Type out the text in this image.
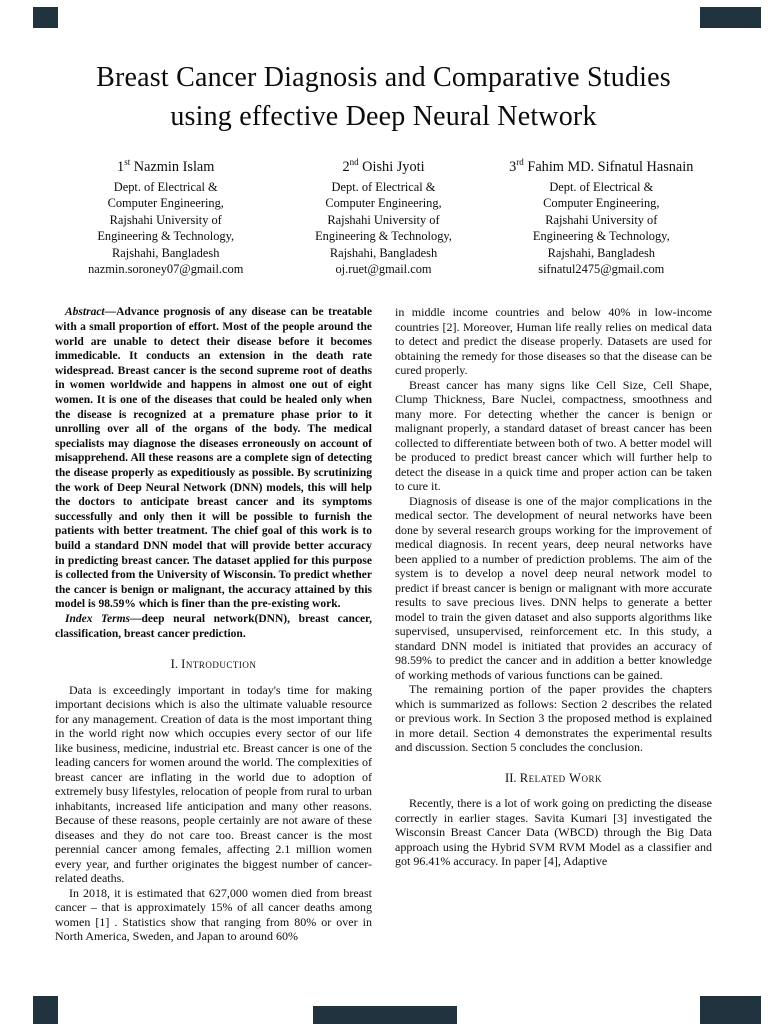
Breast Cancer Diagnosis and Comparative Studies
using effective Deep Neural Network
1st Nazmin Islam
Dept. of Electrical &
Computer Engineering,
Rajshahi University of
Engineering & Technology,
Rajshahi, Bangladesh
nazmin.soroney07@gmail.com
2nd Oishi Jyoti
Dept. of Electrical &
Computer Engineering,
Rajshahi University of
Engineering & Technology,
Rajshahi, Bangladesh
oj.ruet@gmail.com
3rd Fahim MD. Sifnatul Hasnain
Dept. of Electrical &
Computer Engineering,
Rajshahi University of
Engineering & Technology,
Rajshahi, Bangladesh
sifnatul2475@gmail.com

Abstract—Advance prognosis of any disease can be treatable with a small proportion of effort. Most of the people around the world are unable to detect their disease before it becomes immedicable. It conducts an extension in the death rate widespread. Breast cancer is the second supreme root of deaths in women worldwide and happens in almost one out of eight women. It is one of the diseases that could be healed only when the disease is recognized at a premature phase prior to it unrolling over all of the organs of the body. The medical specialists may diagnose the diseases erroneously on account of misapprehend. All these reasons are a complete sign of detecting the disease properly as expeditiously as possible. By scrutinizing the work of Deep Neural Network (DNN) models, this will help the doctors to anticipate breast cancer and its symptoms successfully and only then it will be possible to furnish the patients with better treatment. The chief goal of this work is to build a standard DNN model that will provide better accuracy in predicting breast cancer. The dataset applied for this purpose is collected from the University of Wisconsin. To predict whether the cancer is benign or malignant, the accuracy attained by this model is 98.59% which is finer than the pre-existing work.

Index Terms—deep neural network(DNN), breast cancer, classification, breast cancer prediction.

I. Introduction

Data is exceedingly important in today's time for making important decisions which is also the ultimate valuable resource for any management. Creation of data is the most important thing in the world right now which occupies every sector of our life like business, medicine, industrial etc. Breast cancer is one of the leading cancers for women around the world. The complexities of breast cancer are inflating in the world due to adoption of extremely busy lifestyles, relocation of people from rural to urban inhabitants, increased life anticipation and many other reasons. Because of these reasons, people certainly are not aware of these diseases and they do not care too. Breast cancer is the most perennial cancer among females, affecting 2.1 million women every year, and further originates the biggest number of cancer-related deaths.

In 2018, it is estimated that 627,000 women died from breast cancer – that is approximately 15% of all cancer deaths among women [1] . Statistics show that ranging from 80% or over in North America, Sweden, and Japan to around 60%

in middle income countries and below 40% in low-income countries [2]. Moreover, Human life really relies on medical data to detect and predict the disease properly. Datasets are used for obtaining the remedy for those diseases so that the disease can be cured properly.

Breast cancer has many signs like Cell Size, Cell Shape, Clump Thickness, Bare Nuclei, compactness, smoothness and many more. For detecting whether the cancer is benign or malignant properly, a standard dataset of breast cancer has been collected to differentiate between both of two. A better model will be produced to predict breast cancer which will further help to detect the disease in a quick time and proper action can be taken to cure it.

Diagnosis of disease is one of the major complications in the medical sector. The development of neural networks have been done by several research groups working for the improvement of medical diagnosis. In recent years, deep neural networks have been applied to a number of prediction problems. The aim of the system is to develop a novel deep neural network model to predict if breast cancer is benign or malignant with more accurate results to save precious lives. DNN helps to generate a better model to train the given dataset and also supports algorithms like supervised, unsupervised, reinforcement etc. In this study, a standard DNN model is initiated that provides an accuracy of 98.59% to predict the cancer and in addition a better knowledge of working methods of various functions can be gained.

The remaining portion of the paper provides the chapters which is summarized as follows: Section 2 describes the related or previous work. In Section 3 the proposed method is explained in more detail. Section 4 demonstrates the experimental results and discussion. Section 5 concludes the conclusion.

II. Related Work

Recently, there is a lot of work going on predicting the disease correctly in earlier stages. Savita Kumari [3] investigated the Wisconsin Breast Cancer Data (WBCD) through the Big Data approach using the Hybrid SVM RVM Model as a classifier and got 96.41% accuracy. In paper [4], Adaptive
